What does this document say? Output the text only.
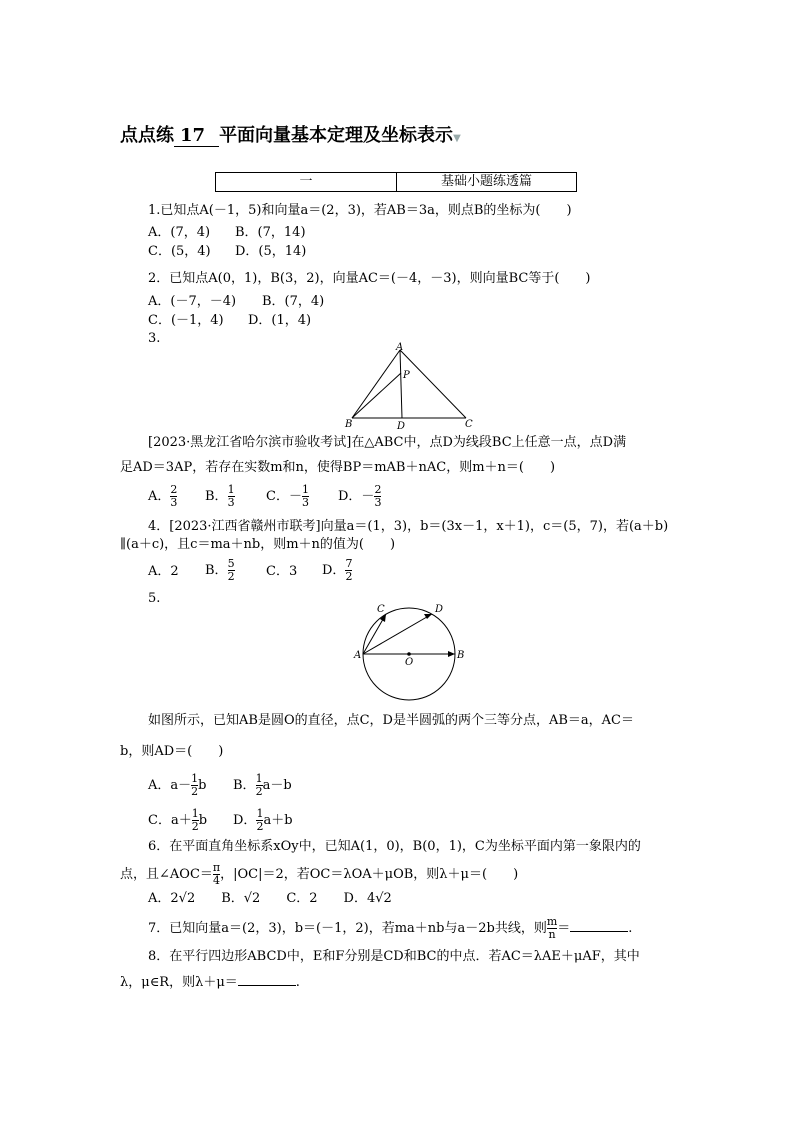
点点练 17 平面向量基本定理及坐标表示▼
一	基础小题练透篇
1.已知点A(－1，5)和向量a＝(2，3)，若AB＝3a，则点B的坐标为(　　)
A．(7，4) B．(7，14)
C．(5，4) D．(5，14)
2．已知点A(0，1)，B(3，2)，向量AC＝(－4，－3)，则向量BC等于(　　)
A．(－7，－4) B．(7，4)
C．(－1，4) D．(1，4)
3.
A
P
B	D	C
[2023·黑龙江省哈尔滨市验收考试]在△ABC中，点D为线段BC上任意一点，点D满
足AD＝3AP，若存在实数m和n，使得BP＝mAB＋nAC，则m＋n＝(　　)
A． $\frac{2}{3}$ B． $\frac{1}{3}$ C．－ $\frac{1}{3}$ D．－ $\frac{2}{3}$
4．[2023·江西省赣州市联考]向量a＝(1，3)，b＝(3x－1，x＋1)，c＝(5，7)，若(a＋b)
∥(a＋c)，且c＝ma＋nb，则m＋n的值为(　　)
A．2 B． $\frac{5}{2}$ C．3 D． $\frac{7}{2}$
5.
C	D
A
O
B
如图所示，已知AB是圆O的直径，点C，D是半圆弧的两个三等分点，AB＝a，AC＝
b，则AD＝(　　)
A．$a- \frac{1}{2}$ b B． $\frac{1}{2} a-b$
C．$a+ \frac{1}{2}$ b D． $\frac{1}{2} a+b$
6．在平面直角坐标系xOy中，已知A(1，0)，B(0，1)，C为坐标平面内第一象限内的
点，且∠AOC＝ $\frac{\pi}{4}$ ，|OC|＝2，若OC＝λOA＋μOB，则λ＋μ＝(　　)
A．2√2　　B．√2　　C．2　　D．4√2
7．已知向量a＝(2，3)，b＝(－1，2)，若ma＋nb与a－2b共线，则 $\frac{m}{n}$ ＝	.
8．在平行四边形ABCD中，E和F分别是CD和BC的中点．若AC＝λAE＋μAF，其中
λ，μ∈R，则λ＋μ＝	.
